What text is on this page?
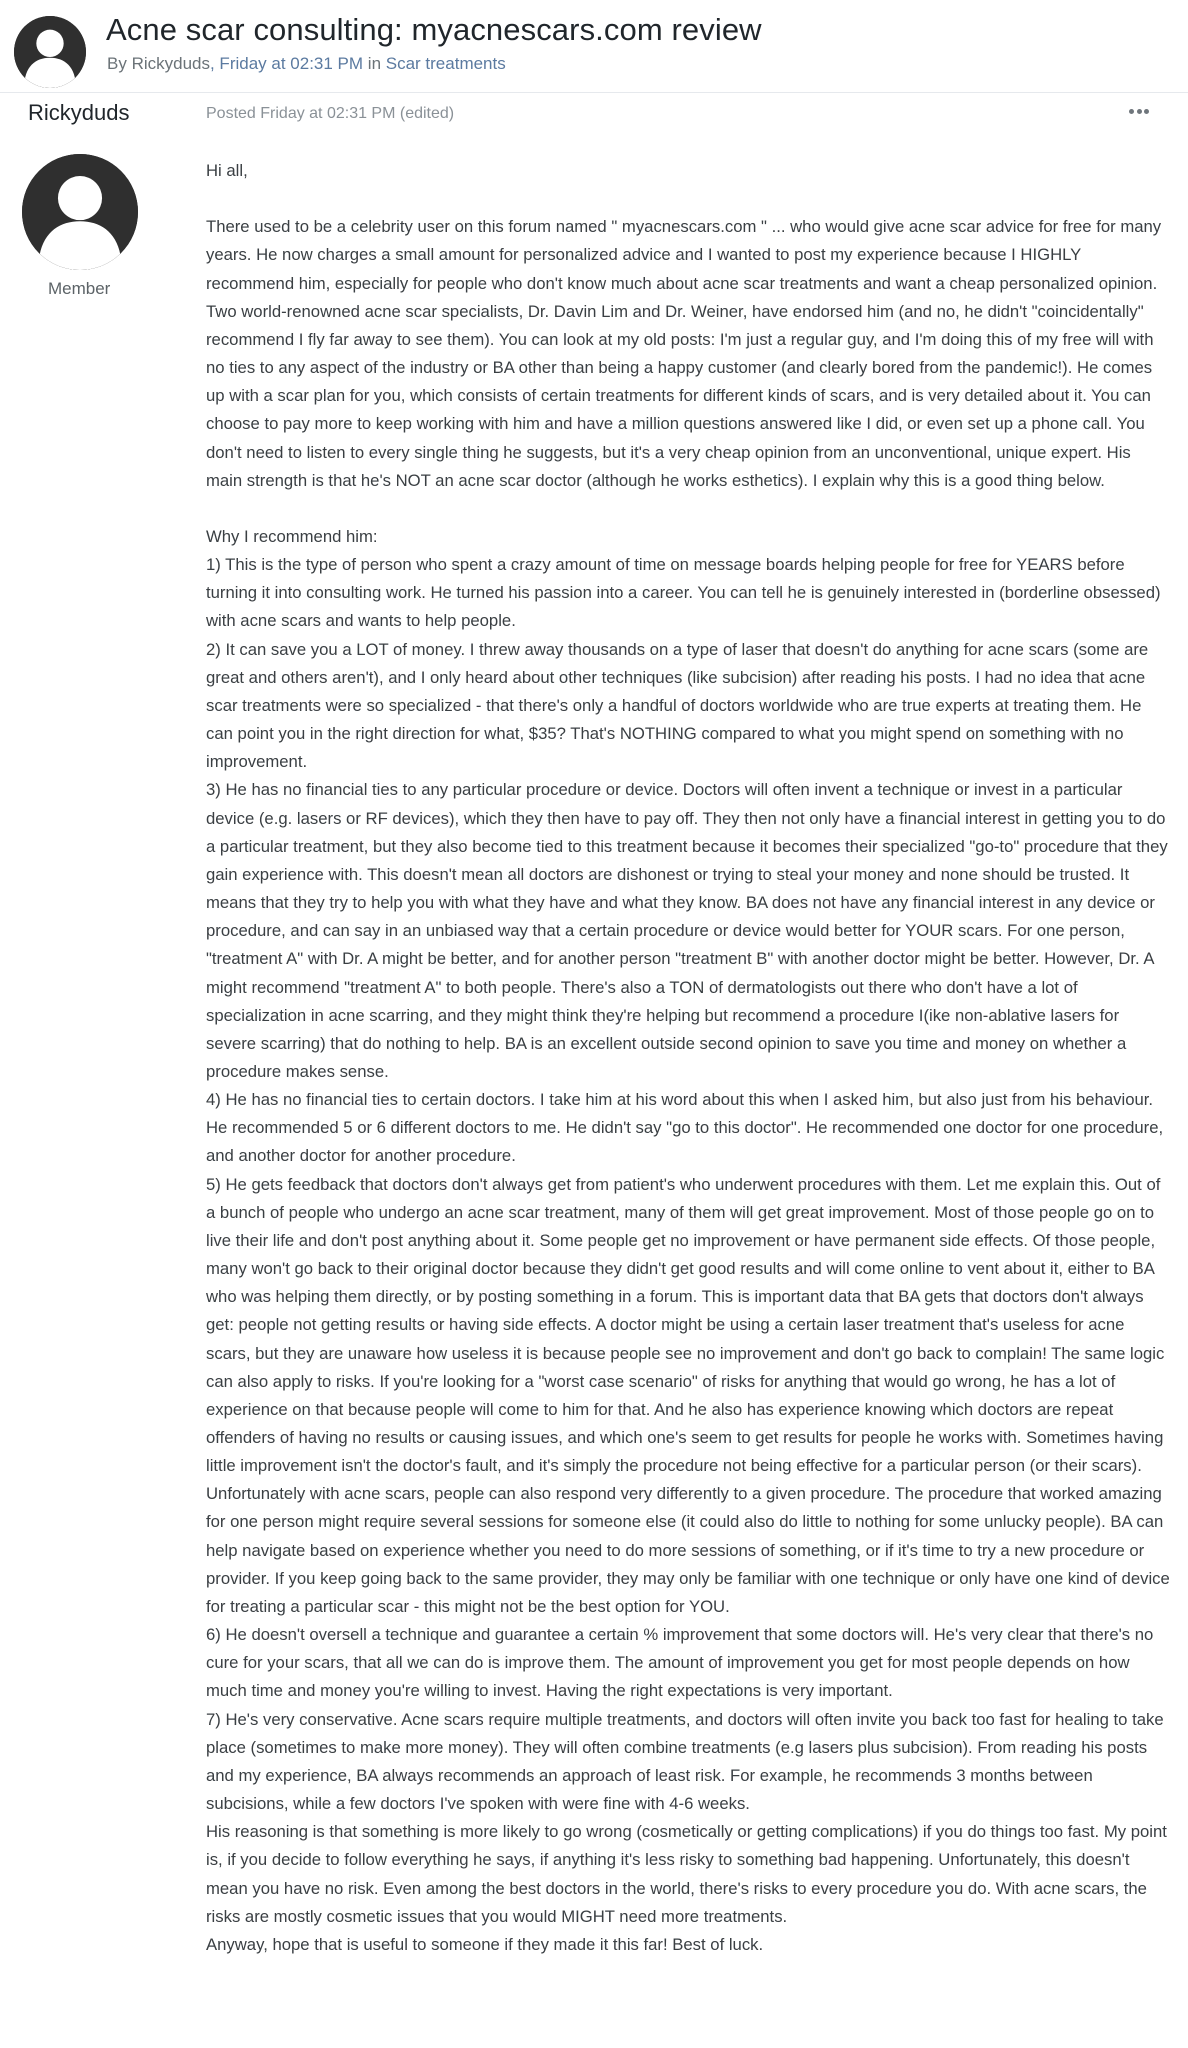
Acne scar consulting: myacnescars.com review
By Rickyduds, Friday at 02:31 PM in Scar treatments
Rickyduds
Member
Posted Friday at 02:31 PM (edited)

Hi all,

There used to be a celebrity user on this forum named " myacnescars.com " ... who would give acne scar advice for free for many years. He now charges a small amount for personalized advice and I wanted to post my experience because I HIGHLY recommend him, especially for people who don't know much about acne scar treatments and want a cheap personalized opinion. Two world-renowned acne scar specialists, Dr. Davin Lim and Dr. Weiner, have endorsed him (and no, he didn't "coincidentally" recommend I fly far away to see them). You can look at my old posts: I'm just a regular guy, and I'm doing this of my free will with no ties to any aspect of the industry or BA other than being a happy customer (and clearly bored from the pandemic!). He comes up with a scar plan for you, which consists of certain treatments for different kinds of scars, and is very detailed about it. You can choose to pay more to keep working with him and have a million questions answered like I did, or even set up a phone call. You don't need to listen to every single thing he suggests, but it's a very cheap opinion from an unconventional, unique expert. His main strength is that he's NOT an acne scar doctor (although he works esthetics). I explain why this is a good thing below.

Why I recommend him:

1) This is the type of person who spent a crazy amount of time on message boards helping people for free for YEARS before turning it into consulting work. He turned his passion into a career. You can tell he is genuinely interested in (borderline obsessed) with acne scars and wants to help people.

2) It can save you a LOT of money. I threw away thousands on a type of laser that doesn't do anything for acne scars (some are great and others aren't), and I only heard about other techniques (like subcision) after reading his posts. I had no idea that acne scar treatments were so specialized - that there's only a handful of doctors worldwide who are true experts at treating them. He can point you in the right direction for what, $35? That's NOTHING compared to what you might spend on something with no improvement.

3) He has no financial ties to any particular procedure or device. Doctors will often invent a technique or invest in a particular device (e.g. lasers or RF devices), which they then have to pay off. They then not only have a financial interest in getting you to do a particular treatment, but they also become tied to this treatment because it becomes their specialized "go-to" procedure that they gain experience with. This doesn't mean all doctors are dishonest or trying to steal your money and none should be trusted. It means that they try to help you with what they have and what they know. BA does not have any financial interest in any device or procedure, and can say in an unbiased way that a certain procedure or device would better for YOUR scars. For one person, "treatment A" with Dr. A might be better, and for another person "treatment B" with another doctor might be better. However, Dr. A might recommend "treatment A" to both people. There's also a TON of dermatologists out there who don't have a lot of specialization in acne scarring, and they might think they're helping but recommend a procedure I(ike non-ablative lasers for severe scarring) that do nothing to help. BA is an excellent outside second opinion to save you time and money on whether a procedure makes sense.

4) He has no financial ties to certain doctors. I take him at his word about this when I asked him, but also just from his behaviour. He recommended 5 or 6 different doctors to me. He didn't say "go to this doctor". He recommended one doctor for one procedure, and another doctor for another procedure.

5) He gets feedback that doctors don't always get from patient's who underwent procedures with them. Let me explain this. Out of a bunch of people who undergo an acne scar treatment, many of them will get great improvement. Most of those people go on to live their life and don't post anything about it. Some people get no improvement or have permanent side effects. Of those people, many won't go back to their original doctor because they didn't get good results and will come online to vent about it, either to BA who was helping them directly, or by posting something in a forum. This is important data that BA gets that doctors don't always get: people not getting results or having side effects. A doctor might be using a certain laser treatment that's useless for acne scars, but they are unaware how useless it is because people see no improvement and don't go back to complain! The same logic can also apply to risks. If you're looking for a "worst case scenario" of risks for anything that would go wrong, he has a lot of experience on that because people will come to him for that. And he also has experience knowing which doctors are repeat offenders of having no results or causing issues, and which one's seem to get results for people he works with. Sometimes having little improvement isn't the doctor's fault, and it's simply the procedure not being effective for a particular person (or their scars). Unfortunately with acne scars, people can also respond very differently to a given procedure. The procedure that worked amazing for one person might require several sessions for someone else (it could also do little to nothing for some unlucky people). BA can help navigate based on experience whether you need to do more sessions of something, or if it's time to try a new procedure or provider. If you keep going back to the same provider, they may only be familiar with one technique or only have one kind of device for treating a particular scar - this might not be the best option for YOU.

6) He doesn't oversell a technique and guarantee a certain % improvement that some doctors will. He's very clear that there's no cure for your scars, that all we can do is improve them. The amount of improvement you get for most people depends on how much time and money you're willing to invest. Having the right expectations is very important.

7) He's very conservative. Acne scars require multiple treatments, and doctors will often invite you back too fast for healing to take place (sometimes to make more money). They will often combine treatments (e.g lasers plus subcision). From reading his posts and my experience, BA always recommends an approach of least risk. For example, he recommends 3 months between subcisions, while a few doctors I've spoken with were fine with 4-6 weeks.

His reasoning is that something is more likely to go wrong (cosmetically or getting complications) if you do things too fast. My point is, if you decide to follow everything he says, if anything it's less risky to something bad happening. Unfortunately, this doesn't mean you have no risk. Even among the best doctors in the world, there's risks to every procedure you do. With acne scars, the risks are mostly cosmetic issues that you would MIGHT need more treatments.

Anyway, hope that is useful to someone if they made it this far! Best of luck.
